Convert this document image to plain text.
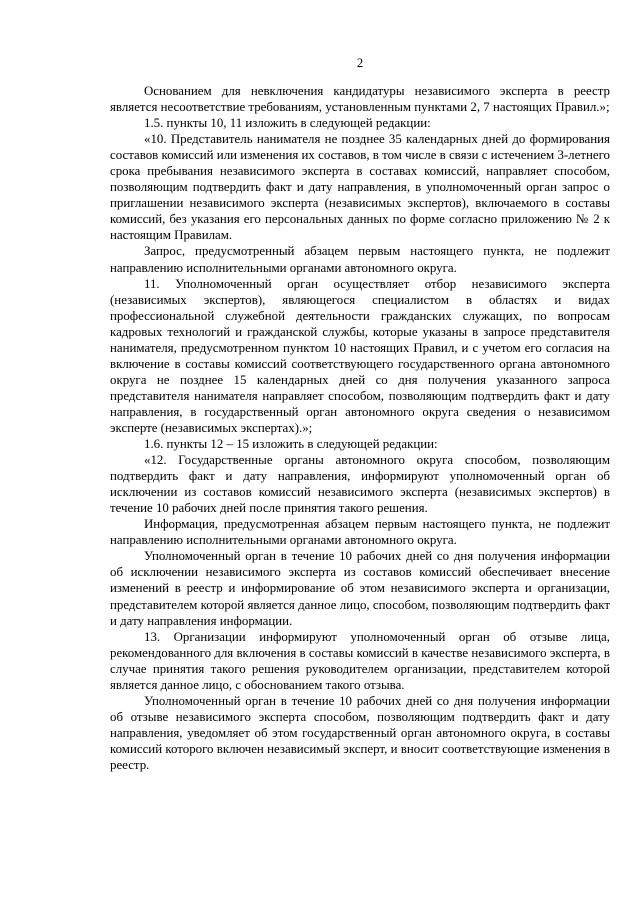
2

Основанием для невключения кандидатуры независимого эксперта в реестр является несоответствие требованиям, установленным пунктами 2, 7 настоящих Правил.»;

1.5. пункты 10, 11 изложить в следующей редакции:

«10. Представитель нанимателя не позднее 35 календарных дней до формирования составов комиссий или изменения их составов, в том числе в связи с истечением 3-летнего срока пребывания независимого эксперта в составах комиссий, направляет способом, позволяющим подтвердить факт и дату направления, в уполномоченный орган запрос о приглашении независимого эксперта (независимых экспертов), включаемого в составы комиссий, без указания его персональных данных по форме согласно приложению № 2 к настоящим Правилам.

Запрос, предусмотренный абзацем первым настоящего пункта, не подлежит направлению исполнительными органами автономного округа.

11. Уполномоченный орган осуществляет отбор независимого эксперта (независимых экспертов), являющегося специалистом в областях и видах профессиональной служебной деятельности гражданских служащих, по вопросам кадровых технологий и гражданской службы, которые указаны в запросе представителя нанимателя, предусмотренном пунктом 10 настоящих Правил, и с учетом его согласия на включение в составы комиссий соответствующего государственного органа автономного округа не позднее 15 календарных дней со дня получения указанного запроса представителя нанимателя направляет способом, позволяющим подтвердить факт и дату направления, в государственный орган автономного округа сведения о независимом эксперте (независимых экспертах).»;

1.6. пункты 12 – 15 изложить в следующей редакции:

«12. Государственные органы автономного округа способом, позволяющим подтвердить факт и дату направления, информируют уполномоченный орган об исключении из составов комиссий независимого эксперта (независимых экспертов) в течение 10 рабочих дней после принятия такого решения.

Информация, предусмотренная абзацем первым настоящего пункта, не подлежит направлению исполнительными органами автономного округа.

Уполномоченный орган в течение 10 рабочих дней со дня получения информации об исключении независимого эксперта из составов комиссий обеспечивает внесение изменений в реестр и информирование об этом независимого эксперта и организации, представителем которой является данное лицо, способом, позволяющим подтвердить факт и дату направления информации.

13. Организации информируют уполномоченный орган об отзыве лица, рекомендованного для включения в составы комиссий в качестве независимого эксперта, в случае принятия такого решения руководителем организации, представителем которой является данное лицо, с обоснованием такого отзыва.

Уполномоченный орган в течение 10 рабочих дней со дня получения информации об отзыве независимого эксперта способом, позволяющим подтвердить факт и дату направления, уведомляет об этом государственный орган автономного округа, в составы комиссий которого включен независимый эксперт, и вносит соответствующие изменения в реестр.
